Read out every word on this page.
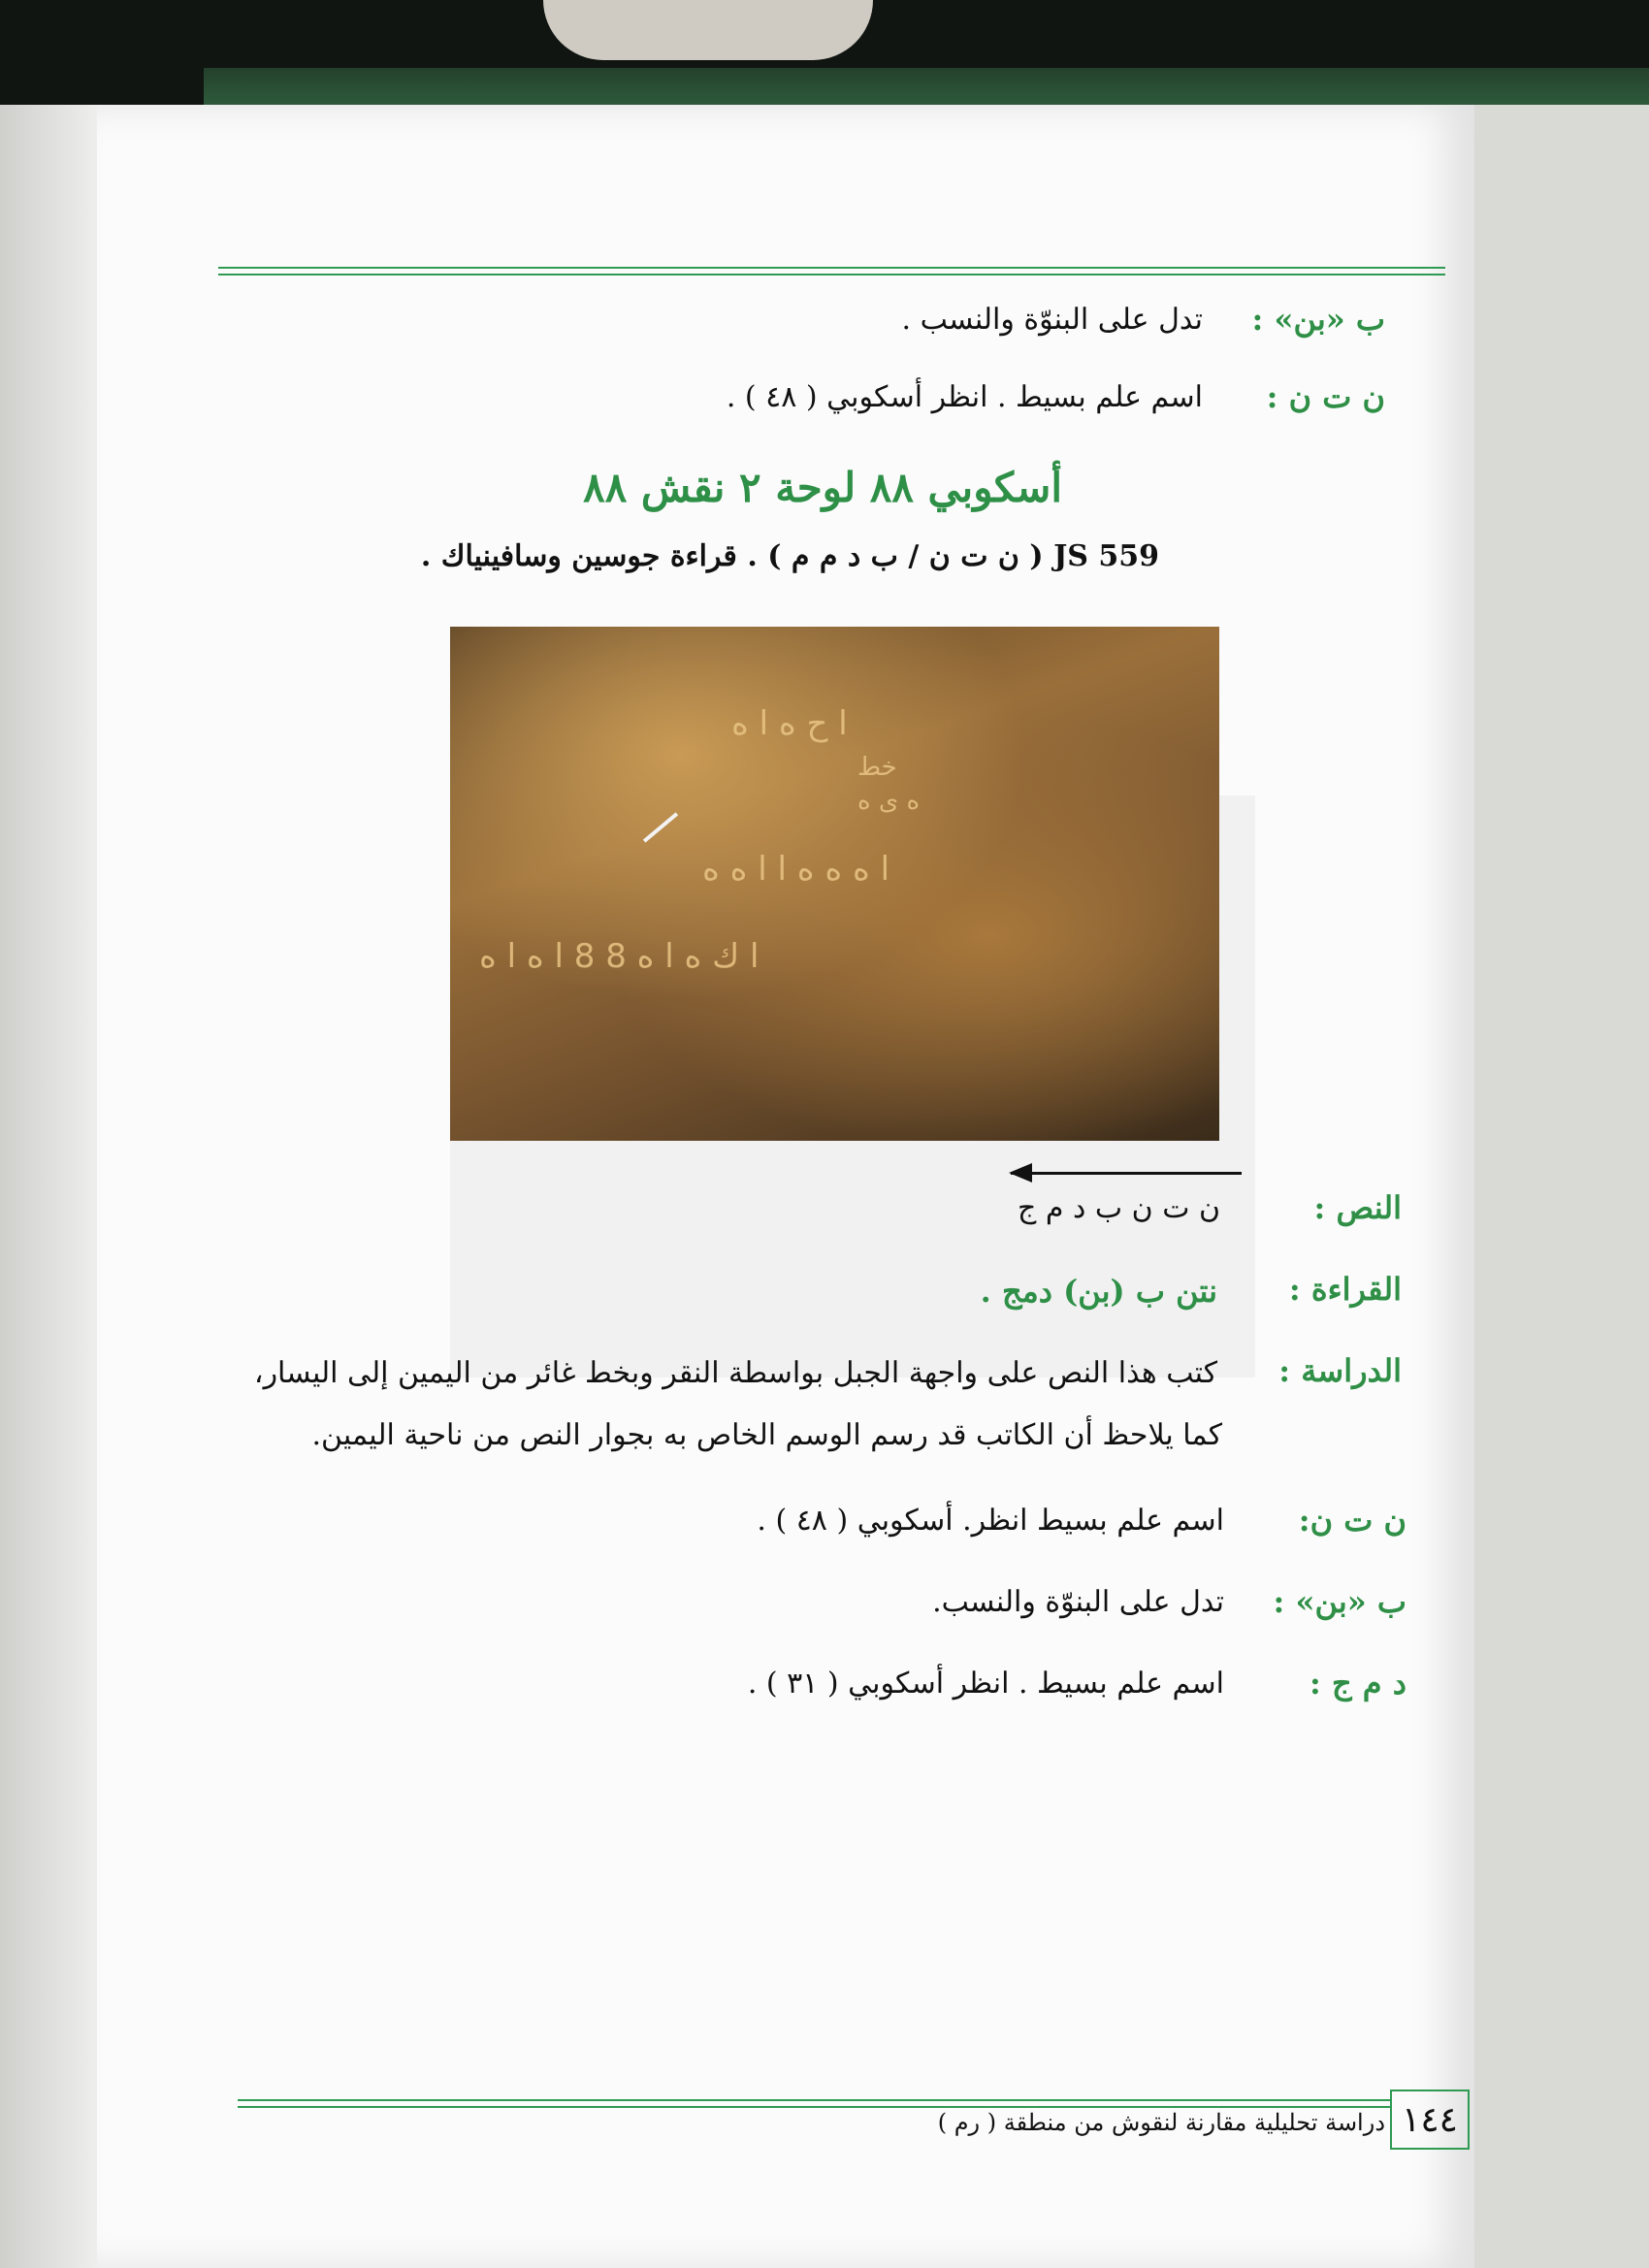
ب «بن» :
تدل على البنوّة والنسب .
ن ت ن :
اسم علم بسيط . انظر أسكوبي ( ٤٨ ) .
أسكوبي ٨٨ لوحة ٢ نقش ٨٨
JS 559 ( ن ت ن / ب د م م ) . قراءة جوسين وسافينياك .
ا ح ه ا ه
خط
ه ى ه
ا ه ه ه ا ا ه ه
ا ك ه ا ه 8 8 ا ه ا ه
النص :
ن ت ن ب د م ج
القراءة :
نتن ب (بن) دمج .
الدراسة :
كتب هذا النص على واجهة الجبل بواسطة النقر وبخط غائر من اليمين إلى اليسار،
كما يلاحظ أن الكاتب قد رسم الوسم الخاص به بجوار النص من ناحية اليمين.
ن ت ن:
اسم علم بسيط انظر. أسكوبي ( ٤٨ ) .
ب «بن» :
تدل على البنوّة والنسب.
د م ج :
اسم علم بسيط . انظر أسكوبي ( ٣١ ) .
١٤٤
دراسة تحليلية مقارنة لنقوش من منطقة ( رم )
